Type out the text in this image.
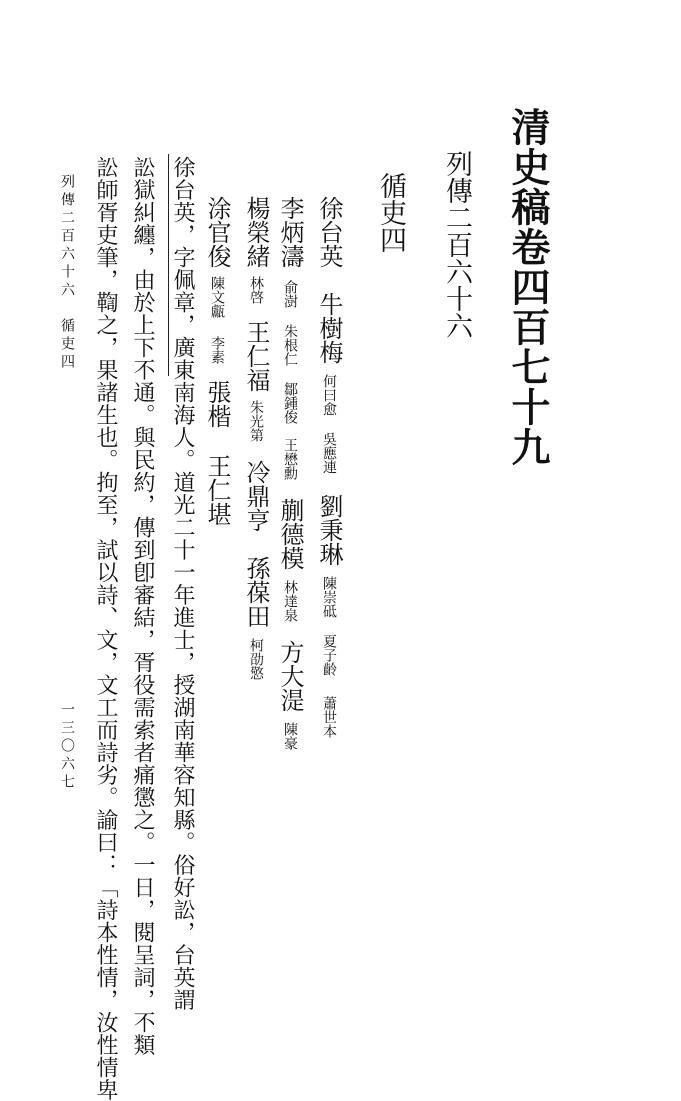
清史稿卷四百七十九
列傳二百六十六
循吏四
徐台英牛樹梅何曰愈吳應連劉秉琳陳崇砥夏子齡蕭世本
李炳濤俞澍朱根仁鄒鍾俊王懋勳蒯德模林達泉方大湜陳豪
楊榮緒林啓王仁福朱光第冷鼎亨孫葆田柯劭憼
涂官俊陳文甗李素張楷王仁堪
徐台英，字佩章，廣東南海人。道光二十一年進士，授湖南華容知縣。俗好訟，台英謂
訟獄糾纏，由於上下不通。與民約，傳到卽審結，胥役需索者痛懲之。一日，閱呈詞，不類
訟師胥吏筆，鞫之，果諸生也。拘至，試以詩、文，文工而詩劣。諭曰：「詩本性情，汝性情卑
列傳二百六十六　循吏四
一三〇六七
